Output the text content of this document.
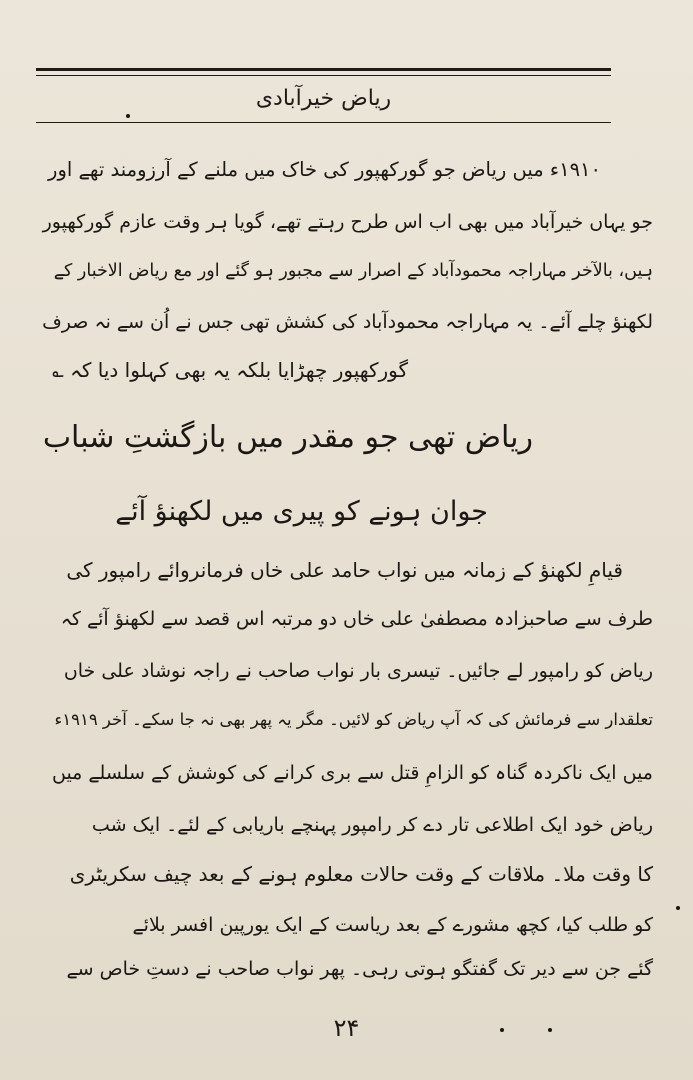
ریاض خیرآبادی
۱۹۱۰ء میں ریاض جو گورکھپور کی خاک میں ملنے کے آرزومند تھے اور
جو یہاں خیرآباد میں بھی اب اس طرح رہتے تھے، گویا ہر وقت عازم گورکھپور
ہیں، بالآخر مہاراجہ محمودآباد کے اصرار سے مجبور ہو گئے اور مع ریاض الاخبار کے
لکھنؤ چلے آئے۔ یہ مہاراجہ محمودآباد کی کشش تھی جس نے اُن سے نہ صرف
گورکھپور چھڑایا بلکہ یہ بھی کہلوا دیا کہ ؎
ریاض تھی جو مقدر میں بازگشتِ شباب
جوان ہونے کو پیری میں لکھنؤ آئے
قیامِ لکھنؤ کے زمانہ میں نواب حامد علی خاں فرمانروائے رامپور کی
طرف سے صاحبزادہ مصطفیٰ علی خاں دو مرتبہ اس قصد سے لکھنؤ آئے کہ
ریاض کو رامپور لے جائیں۔ تیسری بار نواب صاحب نے راجہ نوشاد علی خاں
تعلقدار سے فرمائش کی کہ آپ ریاض کو لائیں۔ مگر یہ پھر بھی نہ جا سکے۔ آخر ۱۹۱۹ء
میں ایک ناکردہ گناہ کو الزامِ قتل سے بری کرانے کی کوشش کے سلسلے میں
ریاض خود ایک اطلاعی تار دے کر رامپور پہنچے باریابی کے لئے۔ ایک شب
کا وقت ملا۔ ملاقات کے وقت حالات معلوم ہونے کے بعد چیف سکریٹری
کو طلب کیا، کچھ مشورے کے بعد ریاست کے ایک یورپین افسر بلائے
گئے جن سے دیر تک گفتگو ہوتی رہی۔ پھر نواب صاحب نے دستِ خاص سے
۲۴
